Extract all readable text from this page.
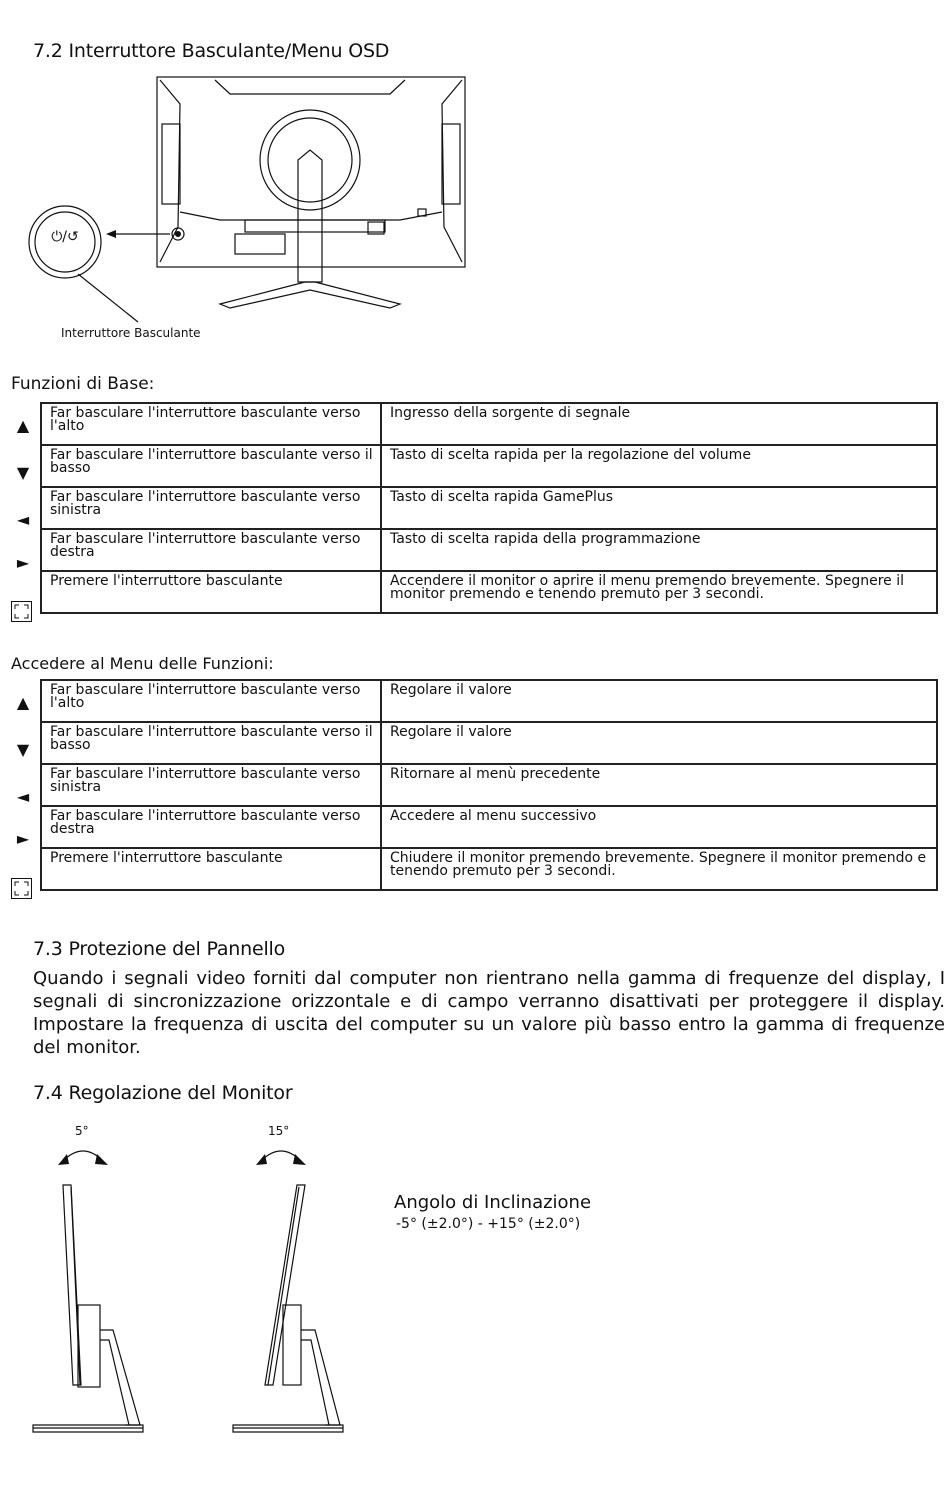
7.2 Interruttore Basculante/Menu OSD
⏻/↺
Interruttore Basculante
Funzioni di Base:
Far basculare l'interruttore basculante verso l'alto	Ingresso della sorgente di segnale
Far basculare l'interruttore basculante verso il basso	Tasto di scelta rapida per la regolazione del volume
Far basculare l'interruttore basculante verso sinistra	Tasto di scelta rapida GamePlus
Far basculare l'interruttore basculante verso destra	Tasto di scelta rapida della programmazione
Premere l'interruttore basculante	Accendere il monitor o aprire il menu premendo brevemente. Spegnere il monitor premendo e tenendo premuto per 3 secondi.
▲
▼
◄
►
Accedere al Menu delle Funzioni:
Far basculare l'interruttore basculante verso l'alto	Regolare il valore
Far basculare l'interruttore basculante verso il basso	Regolare il valore
Far basculare l'interruttore basculante verso sinistra	Ritornare al menù precedente
Far basculare l'interruttore basculante verso destra	Accedere al menu successivo
Premere l'interruttore basculante	Chiudere il monitor premendo brevemente. Spegnere il monitor premendo e tenendo premuto per 3 secondi.
▲
▼
◄
►
7.3 Protezione del Pannello
Quando i segnali video forniti dal computer non rientrano nella gamma di frequenze del display, I segnali di sincronizzazione orizzontale e di campo verranno disattivati per proteggere il display. Impostare la frequenza di uscita del computer su un valore più basso entro la gamma di frequenze del monitor.
7.4 Regolazione del Monitor
5°	15°
Angolo di Inclinazione
-5° (±2.0°) - +15° (±2.0°)
